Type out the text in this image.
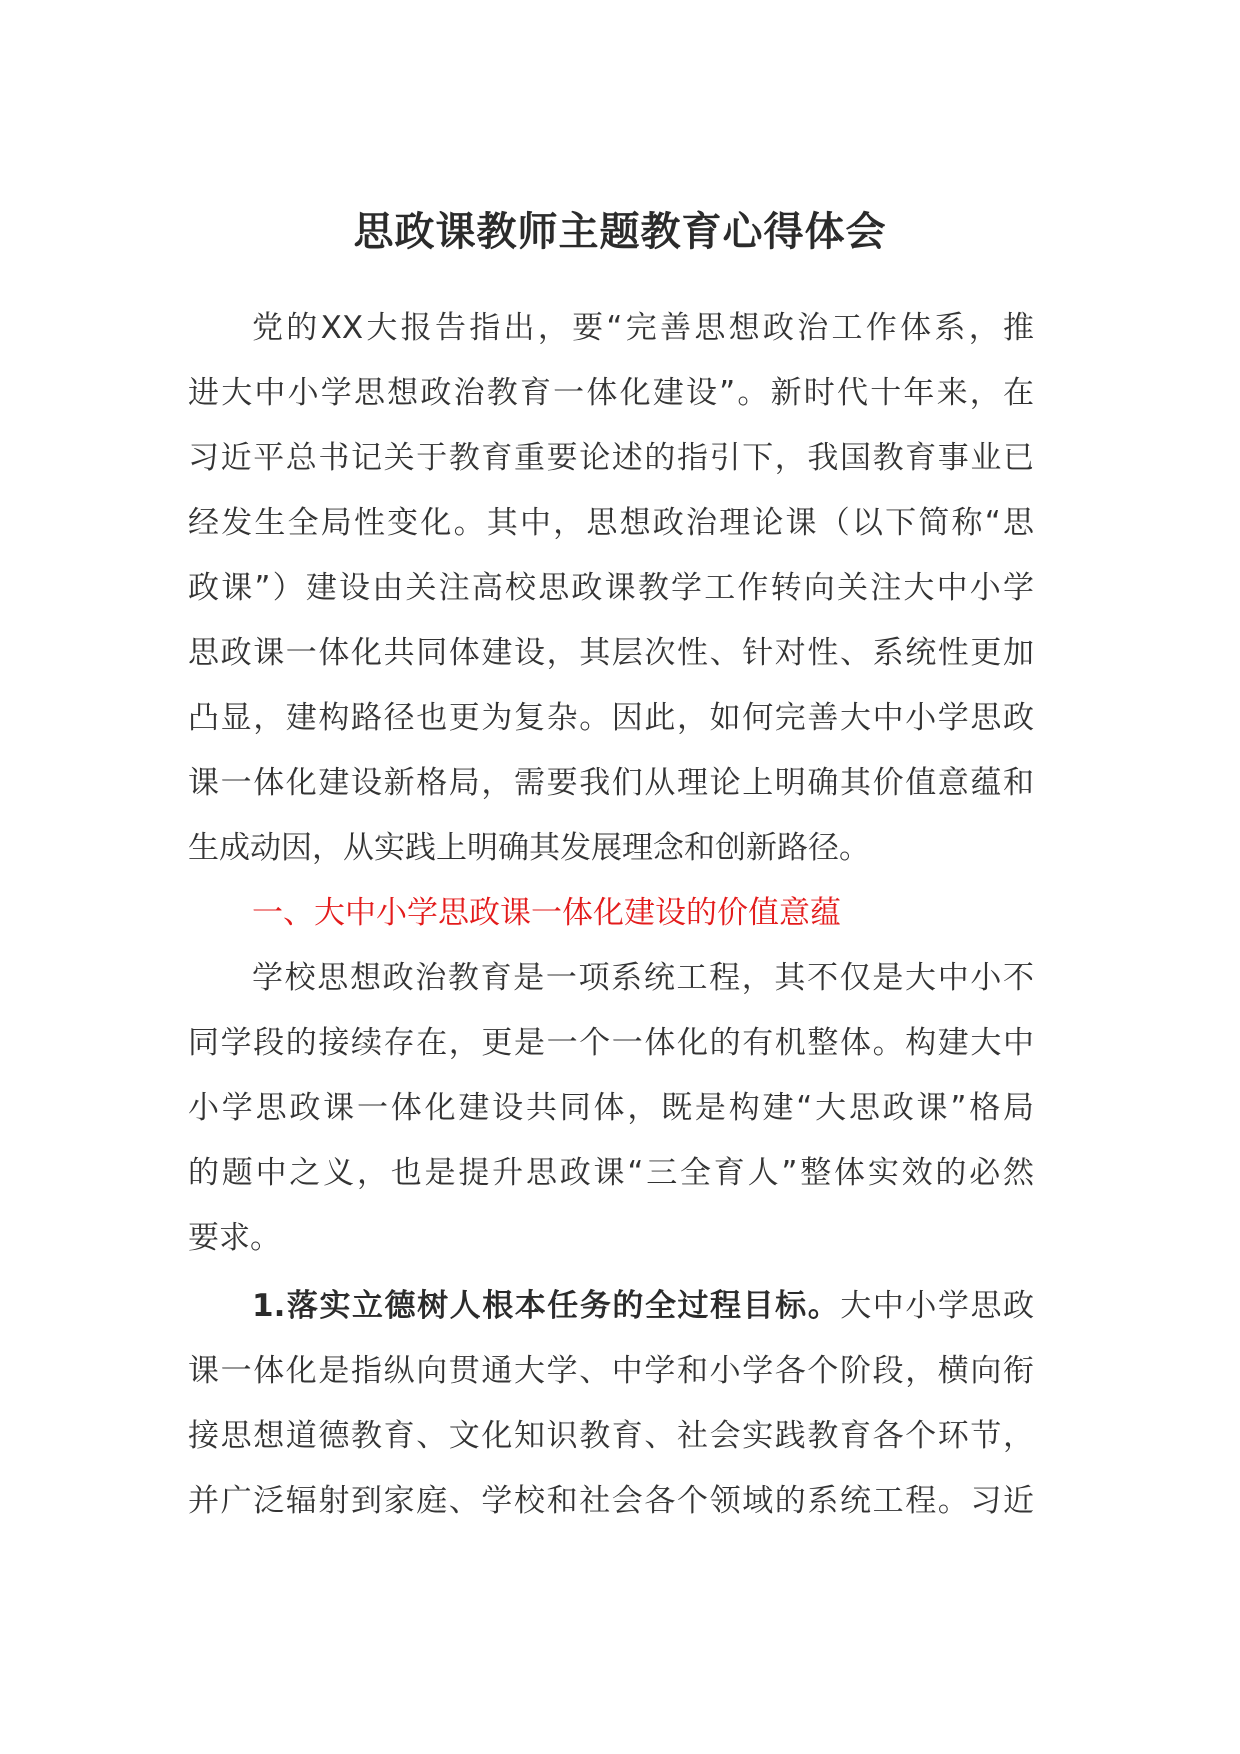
思政课教师主题教育心得体会
党的XX大报告指出，要“完善思想政治工作体系，推
进大中小学思想政治教育一体化建设”。新时代十年来，在
习近平总书记关于教育重要论述的指引下，我国教育事业已
经发生全局性变化。其中，思想政治理论课（以下简称“思
政课”）建设由关注高校思政课教学工作转向关注大中小学
思政课一体化共同体建设，其层次性、针对性、系统性更加
凸显，建构路径也更为复杂。因此，如何完善大中小学思政
课一体化建设新格局，需要我们从理论上明确其价值意蕴和
生成动因，从实践上明确其发展理念和创新路径。
一、大中小学思政课一体化建设的价值意蕴
学校思想政治教育是一项系统工程，其不仅是大中小不
同学段的接续存在，更是一个一体化的有机整体。构建大中
小学思政课一体化建设共同体，既是构建“大思政课”格局
的题中之义，也是提升思政课“三全育人”整体实效的必然
要求。
1.落实立德树人根本任务的全过程目标。大中小学思政
课一体化是指纵向贯通大学、中学和小学各个阶段，横向衔
接思想道德教育、文化知识教育、社会实践教育各个环节，
并广泛辐射到家庭、学校和社会各个领域的系统工程。习近
